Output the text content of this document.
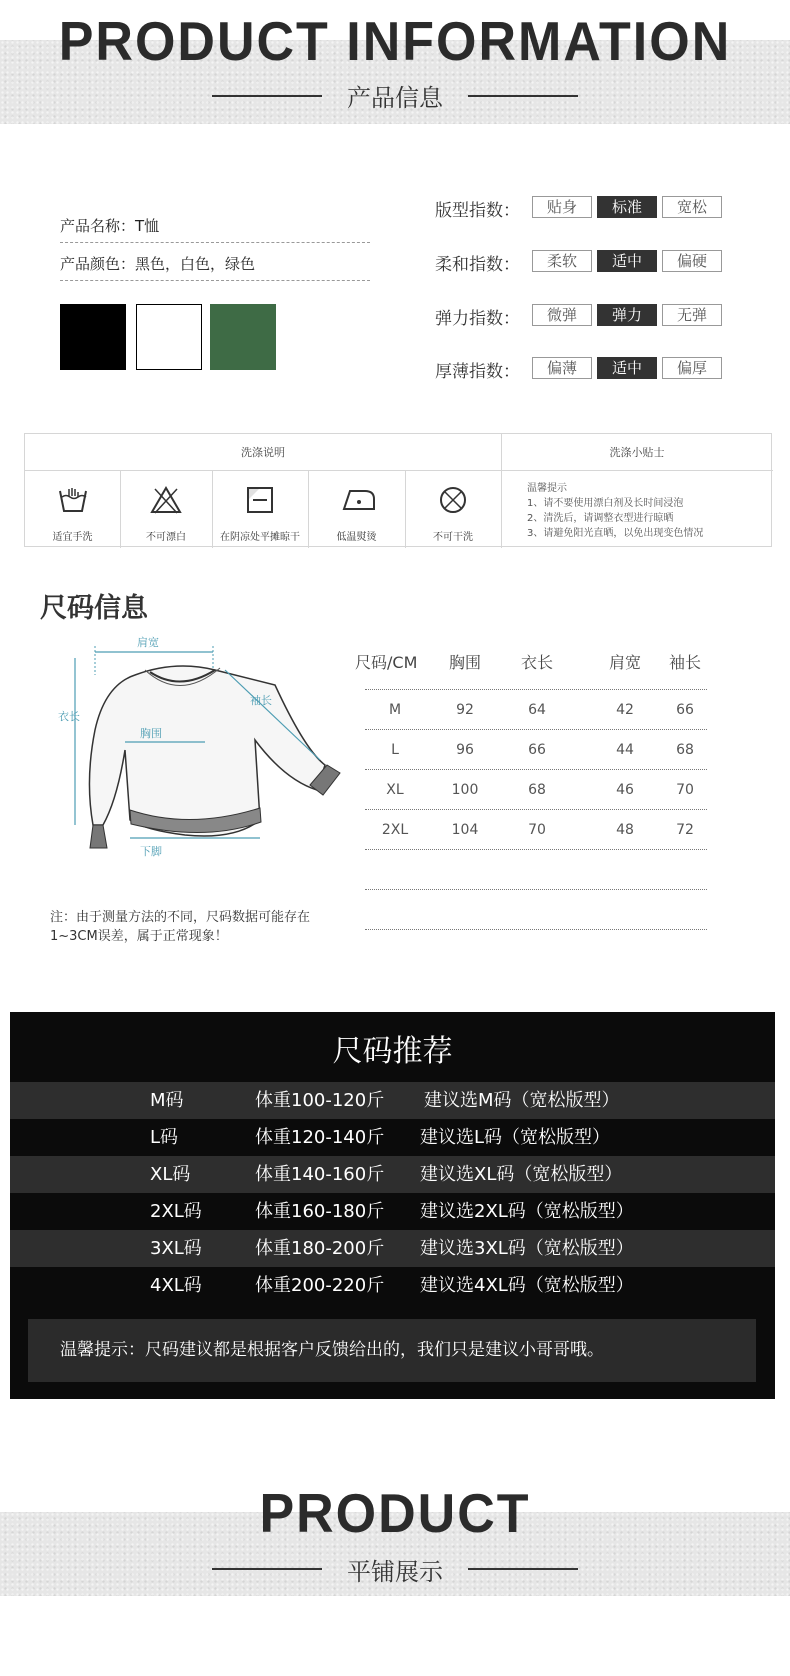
PRODUCT INFORMATION
产品信息
产品名称：T恤
产品颜色：黑色，白色，绿色
版型指数：	贴身	标准	宽松
柔和指数：	柔软	适中	偏硬
弹力指数：	微弹	弹力	无弹
厚薄指数：	偏薄	适中	偏厚
洗涤说明	洗涤小贴士
适宜手洗	不可漂白	在阴凉处平摊晾干	低温熨烫	不可干洗
温馨提示
1、请不要使用漂白剂及长时间浸泡
2、清洗后，请调整衣型进行晾晒
3、请避免阳光直晒，以免出现变色情况
尺码信息
肩宽
衣长
袖长
胸围
下脚
尺码/CM	胸围	衣长	肩宽	袖长
M	92	64	42	66
L	96	66	44	68
XL	100	68	46	70
2XL	104	70	48	72
注：由于测量方法的不同，尺码数据可能存在1~3CM误差，属于正常现象！
尺码推荐
M码	体重100-120斤 建议选M码（宽松版型）
L码	体重120-140斤 建议选L码（宽松版型）
XL码	体重140-160斤 建议选XL码（宽松版型）
2XL码	体重160-180斤 建议选2XL码（宽松版型）
3XL码	体重180-200斤 建议选3XL码（宽松版型）
4XL码	体重200-220斤 建议选4XL码（宽松版型）
温馨提示：尺码建议都是根据客户反馈给出的，我们只是建议小哥哥哦。
PRODUCT
平铺展示
